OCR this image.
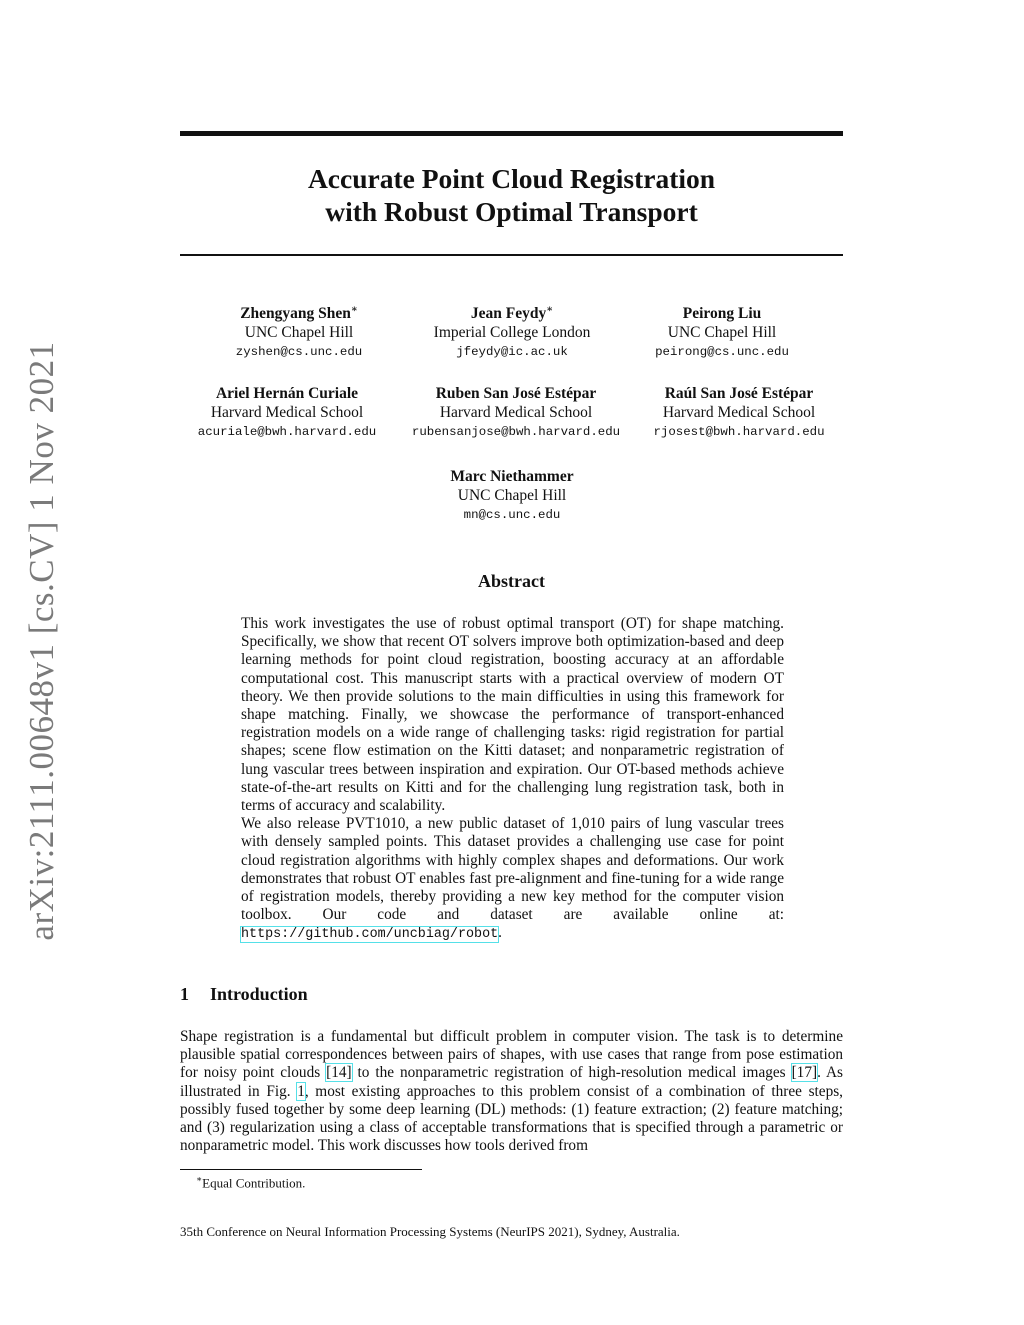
arXiv:2111.00648v1 [cs.CV] 1 Nov 2021
Accurate Point Cloud Registration
with Robust Optimal Transport
Zhengyang Shen∗
UNC Chapel Hill
zyshen@cs.unc.edu
Jean Feydy∗
Imperial College London
jfeydy@ic.ac.uk
Peirong Liu
UNC Chapel Hill
peirong@cs.unc.edu
Ariel Hernán Curiale
Harvard Medical School
acuriale@bwh.harvard.edu
Ruben San José Estépar
Harvard Medical School
rubensanjose@bwh.harvard.edu
Raúl San José Estépar
Harvard Medical School
rjosest@bwh.harvard.edu
Marc Niethammer
UNC Chapel Hill
mn@cs.unc.edu
Abstract

This work investigates the use of robust optimal transport (OT) for shape matching. Specifically, we show that recent OT solvers improve both optimization-based and deep learning methods for point cloud registration, boosting accuracy at an affordable computational cost. This manuscript starts with a practical overview of modern OT theory. We then provide solutions to the main difficulties in using this framework for shape matching. Finally, we showcase the performance of transport-enhanced registration models on a wide range of challenging tasks: rigid registration for partial shapes; scene flow estimation on the Kitti dataset; and nonparametric registration of lung vascular trees between inspiration and expiration. Our OT-based methods achieve state-of-the-art results on Kitti and for the challenging lung registration task, both in terms of accuracy and scalability.

We also release PVT1010, a new public dataset of 1,010 pairs of lung vascular trees with densely sampled points. This dataset provides a challenging use case for point cloud registration algorithms with highly complex shapes and deformations. Our work demonstrates that robust OT enables fast pre-alignment and fine-tuning for a wide range of registration models, thereby providing a new key method for the computer vision toolbox. Our code and dataset are available online at: https://github.com/uncbiag/robot.

1 Introduction

Shape registration is a fundamental but difficult problem in computer vision. The task is to determine plausible spatial correspondences between pairs of shapes, with use cases that range from pose estimation for noisy point clouds [14] to the nonparametric registration of high-resolution medical images [17]. As illustrated in Fig. 1, most existing approaches to this problem consist of a combination of three steps, possibly fused together by some deep learning (DL) methods: (1) feature extraction; (2) feature matching; and (3) regularization using a class of acceptable transformations that is specified through a parametric or nonparametric model. This work discusses how tools derived from

∗Equal Contribution.
35th Conference on Neural Information Processing Systems (NeurIPS 2021), Sydney, Australia.
